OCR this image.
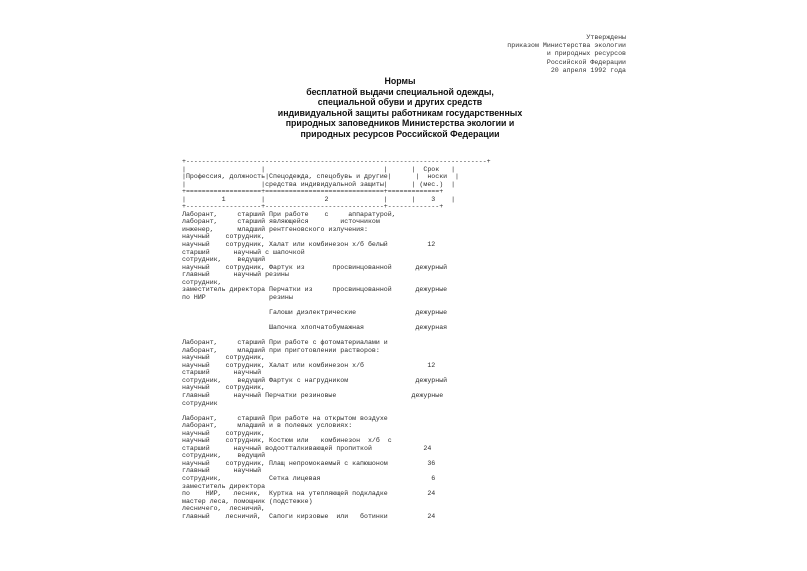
Утверждены
приказом Министерства экологии
и природных ресурсов
Российской Федерации
20 апреля 1992 года
Нормы
бесплатной выдачи специальной одежды,
специальной обуви и других средств
индивидуальной защиты работникам государственных
природных заповедников Министерства экологии и
природных ресурсов Российской Федерации
+----------------------------------------------------------------------------+
|                   |                              |      |  Срок   |
|Профессия, должность|Спецодежда, спецобувь и другие|      |  носки  |
|                   |средства индивидуальной защиты|      | (мес.)  |
+===================+==============================+=============+
|         1         |               2              |      |    3    |
+-------------------+------------------------------+-------------+
Лаборант,     старший При работе    с     аппаратурой,
лаборант,     старший являющейся        источником
инженер,      младший рентгеновского излучения:
научный    сотрудник,
научный    сотрудник, Халат или комбинезон х/б белый          12
старший      научный с шапочкой
сотрудник,    ведущий
научный    сотрудник, Фартук из       просвинцованной      дежурный
главный      научный резины
сотрудник,
заместитель директора Перчатки из     просвинцованной      дежурные
по НИР                резины
Галоши диэлектрические               дежурные
Шапочка хлопчатобумажная             дежурная
Лаборант,     старший При работе с фотоматериалами и
лаборант,     младший при приготовлении растворов:
научный    сотрудник,
научный    сотрудник, Халат или комбинезон х/б                12
старший      научный
сотрудник,    ведущий Фартук с нагрудником                 дежурный
научный    сотрудник,
главный      научный Перчатки резиновые                   дежурные
сотрудник
Лаборант,     старший При работе на открытом воздухе
лаборант,     младший и в полевых условиях:
научный    сотрудник,
научный    сотрудник, Костюм или   комбинезон  х/б  с
старший      научный водоотталкивающей пропиткой             24
сотрудник,    ведущий
научный    сотрудник, Плащ непромокаемый с капюшоном          36
главный      научный
сотрудник,            Сетка лицевая                            6
заместитель директора
по    НИР,   лесник,  Куртка на утепляющей подкладке          24
мастер леса, помощник (подстежке)
лесничего,  лесничий,
главный    лесничий,  Сапоги кирзовые  или   ботинки          24
